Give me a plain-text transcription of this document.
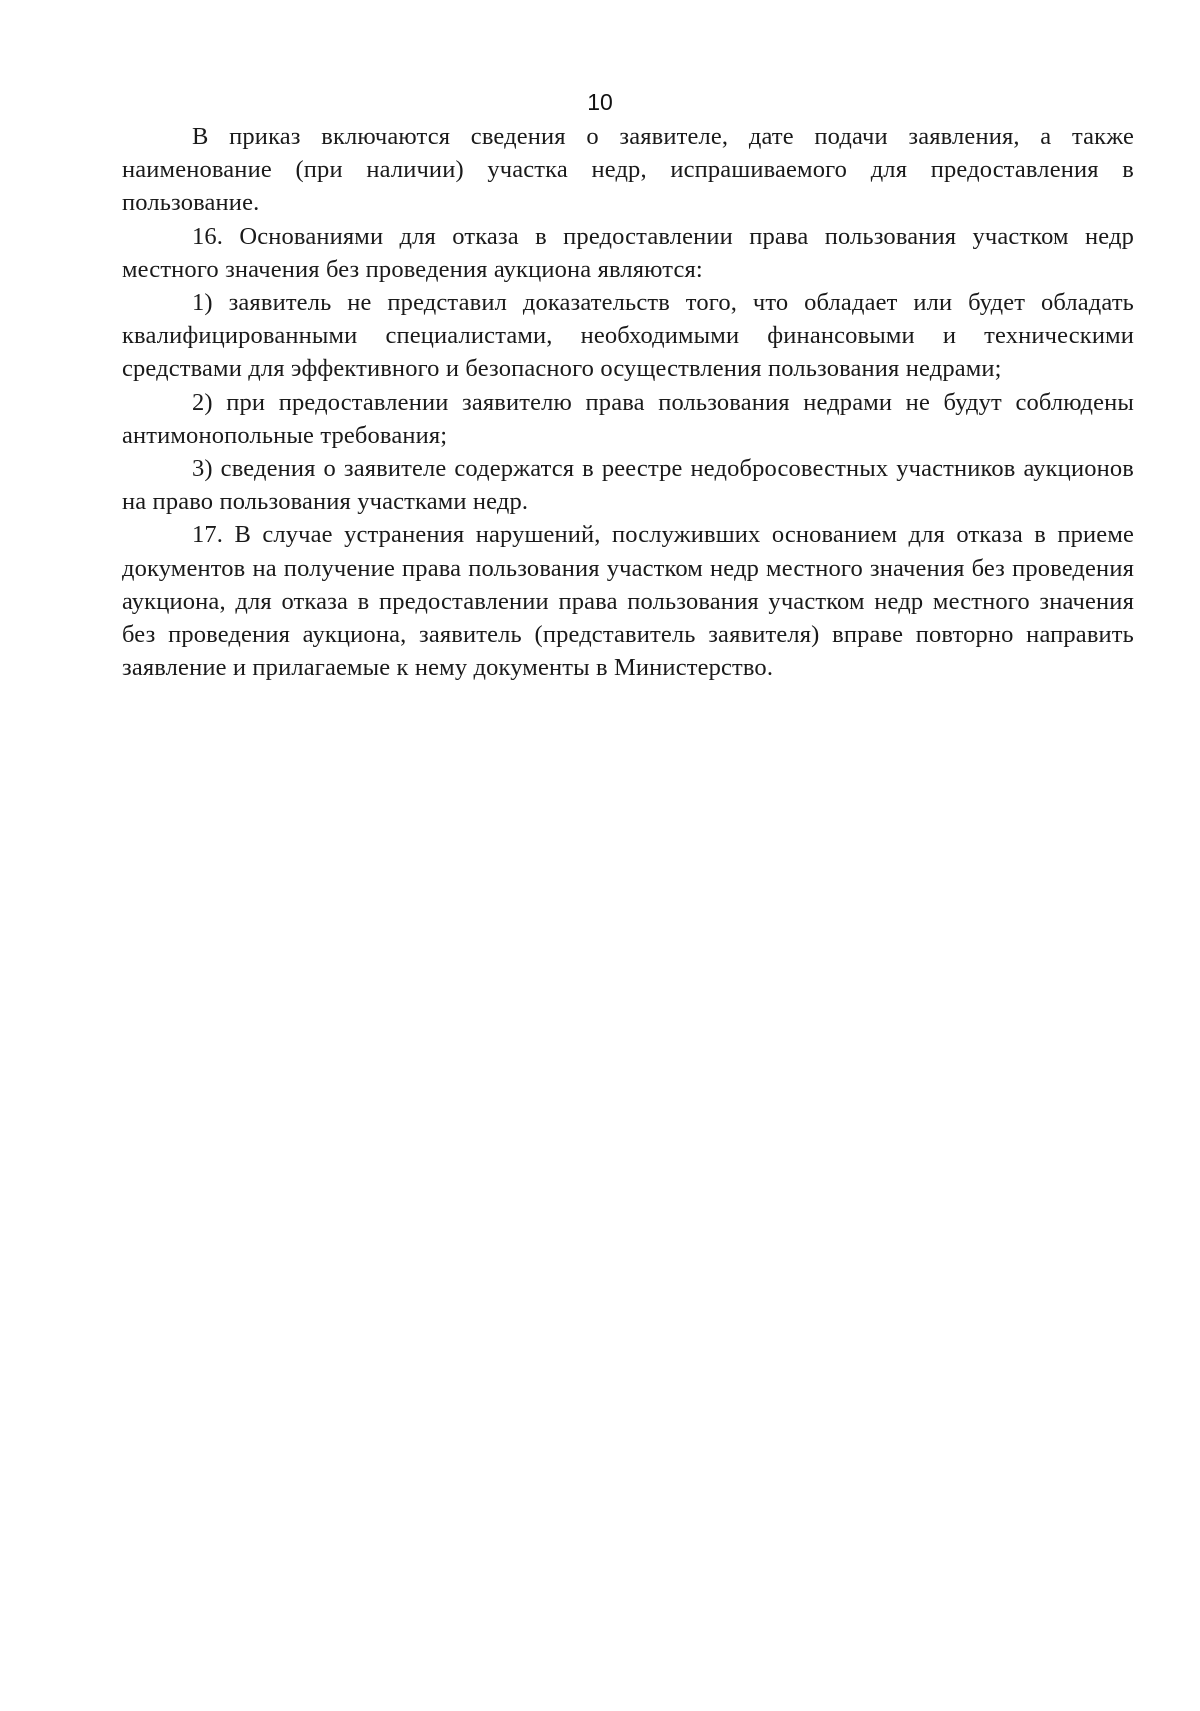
10

В приказ включаются сведения о заявителе, дате подачи заявления, а также наименование (при наличии) участка недр, испрашиваемого для предоставления в пользование.

16. Основаниями для отказа в предоставлении права пользования участком недр местного значения без проведения аукциона являются:

1) заявитель не представил доказательств того, что обладает или будет обладать квалифицированными специалистами, необходимыми финансовыми и техническими средствами для эффективного и безопасного осуществления пользования недрами;

2) при предоставлении заявителю права пользования недрами не будут соблюдены антимонопольные требования;

3) сведения о заявителе содержатся в реестре недобросовестных участников аукционов на право пользования участками недр.

17. В случае устранения нарушений, послуживших основанием для отказа в приеме документов на получение права пользования участком недр местного значения без проведения аукциона, для отказа в предоставлении права пользования участком недр местного значения без проведения аукциона, заявитель (представитель заявителя) вправе повторно направить заявление и прилагаемые к нему документы в Министерство.
